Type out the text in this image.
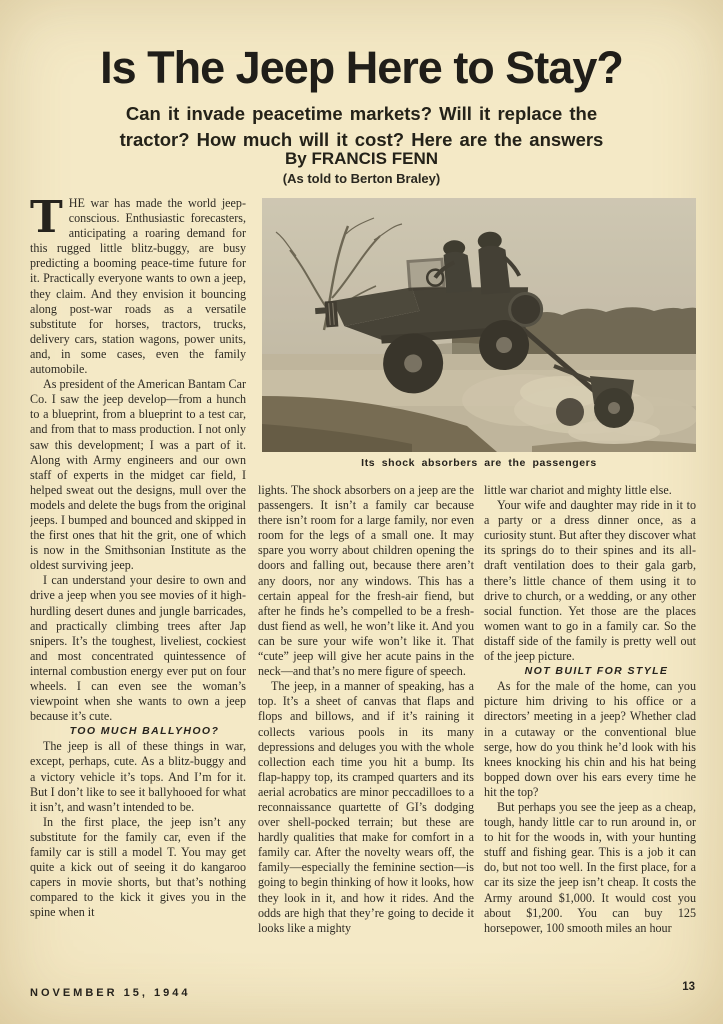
Is The Jeep Here to Stay?
Can it invade peacetime markets? Will it replace the
tractor? How much will it cost? Here are the answers
By FRANCIS FENN
(As told to Berton Braley)

THE war has made the world jeep-conscious. Enthusiastic forecasters, anticipating a roaring demand for this rugged little blitz-buggy, are busy predicting a booming peace-time future for it. Practically everyone wants to own a jeep, they claim. And they envision it bouncing along post-war roads as a versatile substitute for horses, tractors, trucks, delivery cars, station wagons, power units, and, in some cases, even the family automobile.

As president of the American Bantam Car Co. I saw the jeep develop—from a hunch to a blueprint, from a blueprint to a test car, and from that to mass production. I not only saw this development; I was a part of it. Along with Army engineers and our own staff of experts in the midget car field, I helped sweat out the designs, mull over the models and delete the bugs from the original jeeps. I bumped and bounced and skipped in the first ones that hit the grit, one of which is now in the Smithsonian Institute as the oldest surviving jeep.

I can understand your desire to own and drive a jeep when you see movies of it high-hurdling desert dunes and jungle barricades, and practically climbing trees after Jap snipers. It’s the toughest, liveliest, cockiest and most concentrated quintessence of internal combustion energy ever put on four wheels. I can even see the woman’s viewpoint when she wants to own a jeep because it’s cute.

TOO MUCH BALLYHOO?

The jeep is all of these things in war, except, perhaps, cute. As a blitz-buggy and a victory vehicle it’s tops. And I’m for it. But I don’t like to see it ballyhooed for what it isn’t, and wasn’t intended to be.

In the first place, the jeep isn’t any substitute for the family car, even if the family car is still a model T. You may get quite a kick out of seeing it do kangaroo capers in movie shorts, but that’s nothing compared to the kick it gives you in the spine when it

Its shock absorbers are the passengers

lights. The shock absorbers on a jeep are the passengers. It isn’t a family car because there isn’t room for a large family, nor even room for the legs of a small one. It may spare you worry about children opening the doors and falling out, because there aren’t any doors, nor any windows. This has a certain appeal for the fresh-air fiend, but after he finds he’s compelled to be a fresh-dust fiend as well, he won’t like it. And you can be sure your wife won’t like it. That “cute” jeep will give her acute pains in the neck—and that’s no mere figure of speech.

The jeep, in a manner of speaking, has a top. It’s a sheet of canvas that flaps and flops and billows, and if it’s raining it collects various pools in its many depressions and deluges you with the whole collection each time you hit a bump. Its flap-happy top, its cramped quarters and its aerial acrobatics are minor peccadilloes to a reconnaissance quartette of GI’s dodging over shell-pocked terrain; but these are hardly qualities that make for comfort in a family car. After the novelty wears off, the family—especially the feminine section—is going to begin thinking of how it looks, how they look in it, and how it rides. And the odds are high that they’re going to decide it looks like a mighty

little war chariot and mighty little else.

Your wife and daughter may ride in it to a party or a dress dinner once, as a curiosity stunt. But after they discover what its springs do to their spines and its all-draft ventilation does to their gala garb, there’s little chance of them using it to drive to church, or a wedding, or any other social function. Yet those are the places women want to go in a family car. So the distaff side of the family is pretty well out of the jeep picture.

NOT BUILT FOR STYLE

As for the male of the home, can you picture him driving to his office or a directors’ meeting in a jeep? Whether clad in a cutaway or the conventional blue serge, how do you think he’d look with his knees knocking his chin and his hat being bopped down over his ears every time he hit the top?

But perhaps you see the jeep as a cheap, tough, handy little car to run around in, or to hit for the woods in, with your hunting stuff and fishing gear. This is a job it can do, but not too well. In the first place, for a car its size the jeep isn’t cheap. It costs the Army around $1,000. It would cost you about $1,200. You can buy 125 horsepower, 100 smooth miles an hour

NOVEMBER 15, 1944	13
